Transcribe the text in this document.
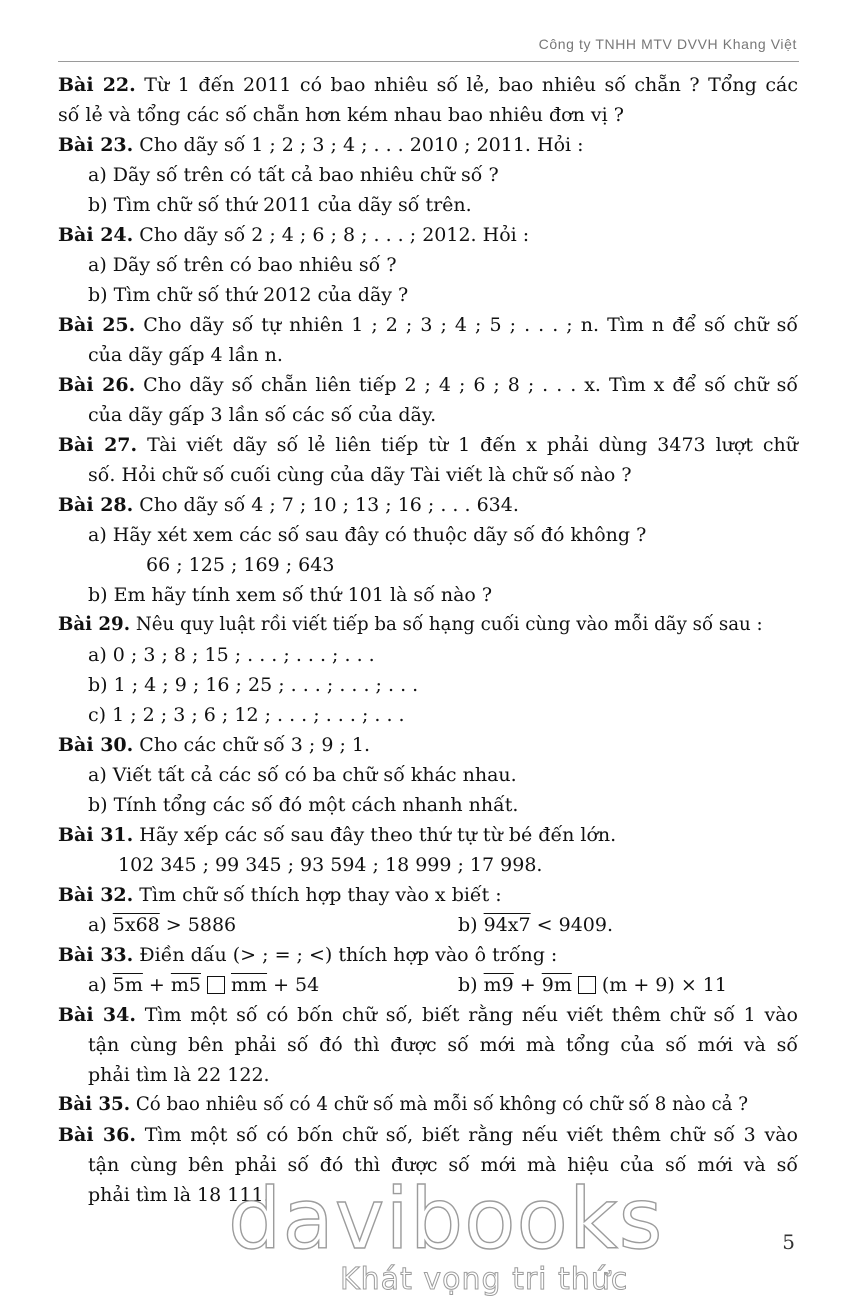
Công ty TNHH MTV DVVH Khang Việt
Bài 22. Từ 1 đến 2011 có bao nhiêu số lẻ, bao nhiêu số chẵn ? Tổng các
số lẻ và tổng các số chẵn hơn kém nhau bao nhiêu đơn vị ?
Bài 23. Cho dãy số 1 ; 2 ; 3 ; 4 ; . . . 2010 ; 2011. Hỏi :
a) Dãy số trên có tất cả bao nhiêu chữ số ?
b) Tìm chữ số thứ 2011 của dãy số trên.
Bài 24. Cho dãy số 2 ; 4 ; 6 ; 8 ; . . . ; 2012. Hỏi :
a) Dãy số trên có bao nhiêu số ?
b) Tìm chữ số thứ 2012 của dãy ?
Bài 25. Cho dãy số tự nhiên 1 ; 2 ; 3 ; 4 ; 5 ; . . . ; n. Tìm n để số chữ số
của dãy gấp 4 lần n.
Bài 26. Cho dãy số chẵn liên tiếp 2 ; 4 ; 6 ; 8 ; . . . x. Tìm x để số chữ số
của dãy gấp 3 lần số các số của dãy.
Bài 27. Tài viết dãy số lẻ liên tiếp từ 1 đến x phải dùng 3473 lượt chữ
số. Hỏi chữ số cuối cùng của dãy Tài viết là chữ số nào ?
Bài 28. Cho dãy số 4 ; 7 ; 10 ; 13 ; 16 ; . . . 634.
a) Hãy xét xem các số sau đây có thuộc dãy số đó không ?
66 ; 125 ; 169 ; 643
b) Em hãy tính xem số thứ 101 là số nào ?
Bài 29. Nêu quy luật rồi viết tiếp ba số hạng cuối cùng vào mỗi dãy số sau :
a) 0 ; 3 ; 8 ; 15 ; . . . ; . . . ; . . .
b) 1 ; 4 ; 9 ; 16 ; 25 ; . . . ; . . . ; . . .
c) 1 ; 2 ; 3 ; 6 ; 12 ; . . . ; . . . ; . . .
Bài 30. Cho các chữ số 3 ; 9 ; 1.
a) Viết tất cả các số có ba chữ số khác nhau.
b) Tính tổng các số đó một cách nhanh nhất.
Bài 31. Hãy xếp các số sau đây theo thứ tự từ bé đến lớn.
102 345 ; 99 345 ; 93 594 ; 18 999 ; 17 998.
Bài 32. Tìm chữ số thích hợp thay vào x biết :
a) 5x68 > 5886	b) 94x7 < 9409.
Bài 33. Điền dấu (> ; = ; <) thích hợp vào ô trống :
a) 5m + m5 $\overline{mm} + 54$	b) m9 + 9m (m + 9) × 11
Bài 34. Tìm một số có bốn chữ số, biết rằng nếu viết thêm chữ số 1 vào
tận cùng bên phải số đó thì được số mới mà tổng của số mới và số
phải tìm là 22 122.
Bài 35. Có bao nhiêu số có 4 chữ số mà mỗi số không có chữ số 8 nào cả ?
Bài 36. Tìm một số có bốn chữ số, biết rằng nếu viết thêm chữ số 3 vào
tận cùng bên phải số đó thì được số mới mà hiệu của số mới và số
phải tìm là 18 111.
5
davibooks
Khát vọng tri thức
